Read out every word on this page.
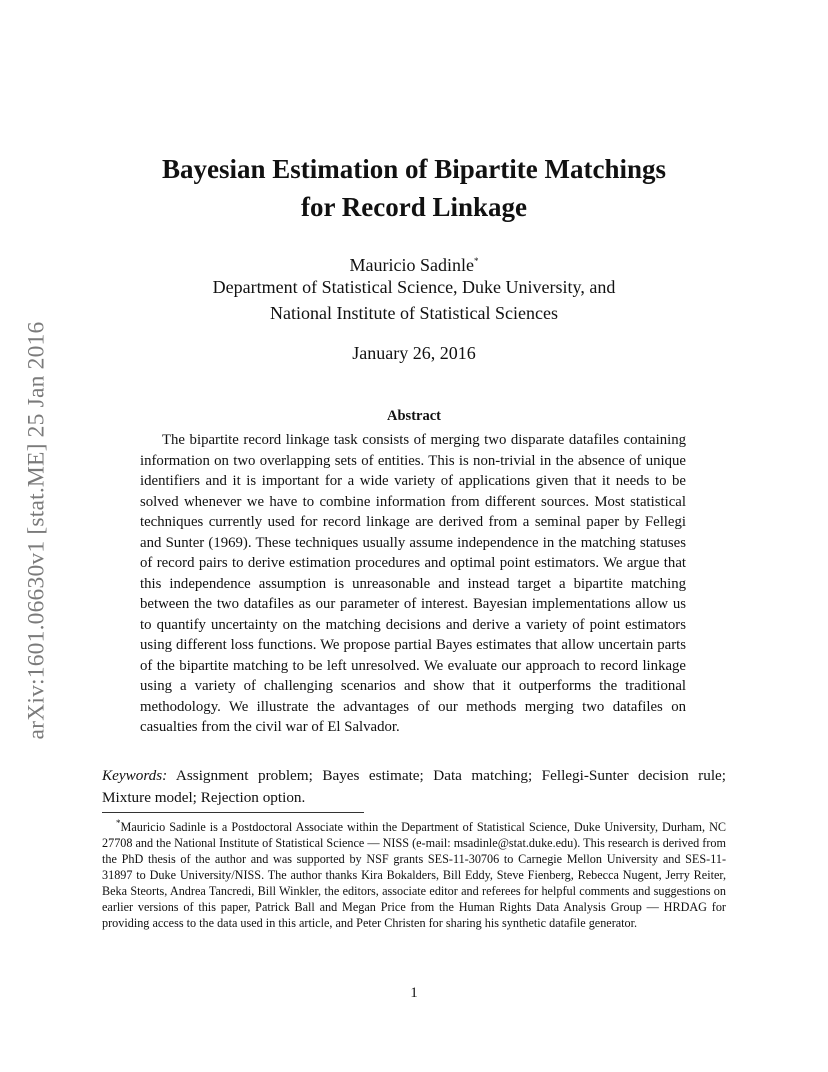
arXiv:1601.06630v1 [stat.ME] 25 Jan 2016
Bayesian Estimation of Bipartite Matchings
for Record Linkage
Mauricio Sadinle*
Department of Statistical Science, Duke University, and
National Institute of Statistical Sciences
January 26, 2016
Abstract
The bipartite record linkage task consists of merging two disparate datafiles containing information on two overlapping sets of entities. This is non-trivial in the absence of unique identifiers and it is important for a wide variety of applications given that it needs to be solved whenever we have to combine information from different sources. Most statistical techniques currently used for record linkage are derived from a seminal paper by Fellegi and Sunter (1969). These techniques usually assume independence in the matching statuses of record pairs to derive estimation procedures and optimal point estimators. We argue that this independence assumption is unreasonable and instead target a bipartite matching between the two datafiles as our parameter of interest. Bayesian implementations allow us to quantify uncertainty on the matching decisions and derive a variety of point estimators using different loss functions. We propose partial Bayes estimates that allow uncertain parts of the bipartite matching to be left unresolved. We evaluate our approach to record linkage using a variety of challenging scenarios and show that it outperforms the traditional methodology. We illustrate the advantages of our methods merging two datafiles on casualties from the civil war of El Salvador.
Keywords: Assignment problem; Bayes estimate; Data matching; Fellegi-Sunter decision rule; Mixture model; Rejection option.
*Mauricio Sadinle is a Postdoctoral Associate within the Department of Statistical Science, Duke University, Durham, NC 27708 and the National Institute of Statistical Science — NISS (e-mail: msadinle@stat.duke.edu). This research is derived from the PhD thesis of the author and was supported by NSF grants SES-11-30706 to Carnegie Mellon University and SES-11-31897 to Duke University/NISS. The author thanks Kira Bokalders, Bill Eddy, Steve Fienberg, Rebecca Nugent, Jerry Reiter, Beka Steorts, Andrea Tancredi, Bill Winkler, the editors, associate editor and referees for helpful comments and suggestions on earlier versions of this paper, Patrick Ball and Megan Price from the Human Rights Data Analysis Group — HRDAG for providing access to the data used in this article, and Peter Christen for sharing his synthetic datafile generator.
1
